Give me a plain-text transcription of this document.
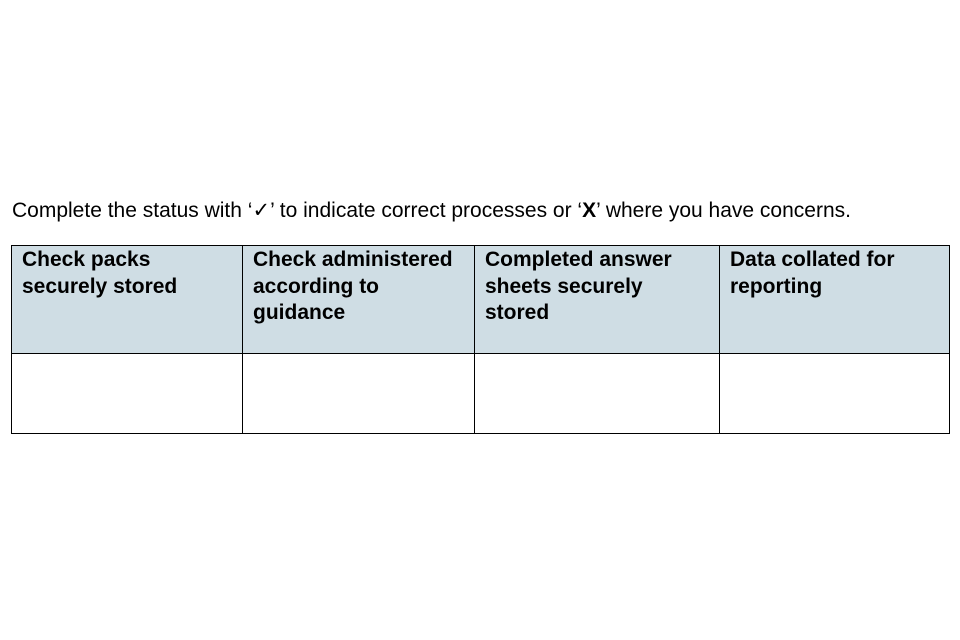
Complete the status with ‘✓’ to indicate correct processes or ‘X’ where you have concerns.

Check packs securely stored	Check administered according to guidance	Completed answer sheets securely stored	Data collated for reporting
